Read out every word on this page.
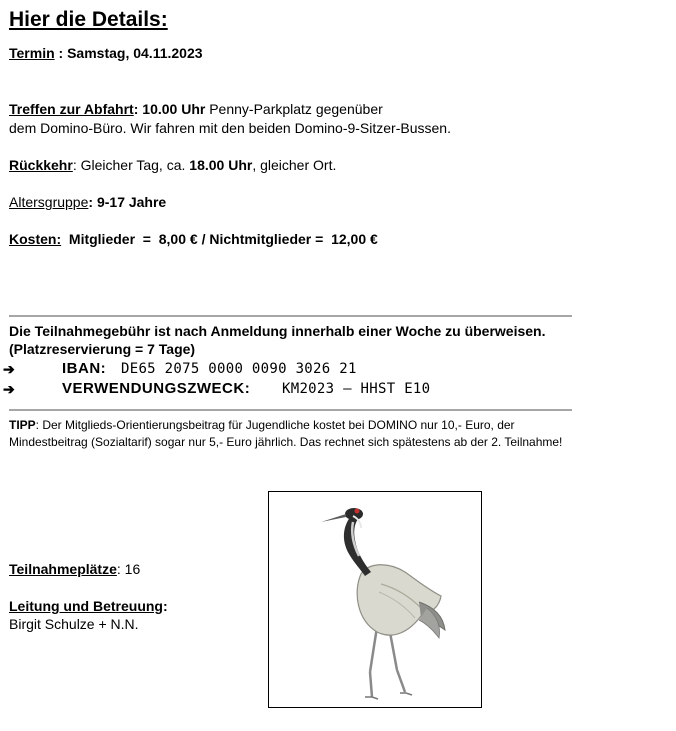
Hier die Details:
Termin : Samstag, 04.11.2023
Treffen zur Abfahrt: 10.00 Uhr Penny-Parkplatz gegenüber
dem Domino-Büro. Wir fahren mit den beiden Domino-9-Sitzer-Bussen.
Rückkehr: Gleicher Tag, ca. 18.00 Uhr, gleicher Ort.
Altersgruppe: 9-17 Jahre
Kosten: Mitglieder  =  8,00 € / Nichtmitglieder =  12,00 €
Die Teilnahmegebühr ist nach Anmeldung innerhalb einer Woche zu überweisen. (Platzreservierung = 7 Tage)
➔	IBAN: DE65 2075 0000 0090 3026 21
➔	VERWENDUNGSZWECK: KM2023 – HHST E10
TIPP: Der Mitglieds-Orientierungsbeitrag für Jugendliche kostet bei DOMINO nur 10,- Euro, der Mindestbeitrag (Sozialtarif) sogar nur 5,- Euro jährlich. Das rechnet sich spätestens ab der 2. Teilnahme!
Teilnahmeplätze: 16
Leitung und Betreuung:
Birgit Schulze + N.N.
